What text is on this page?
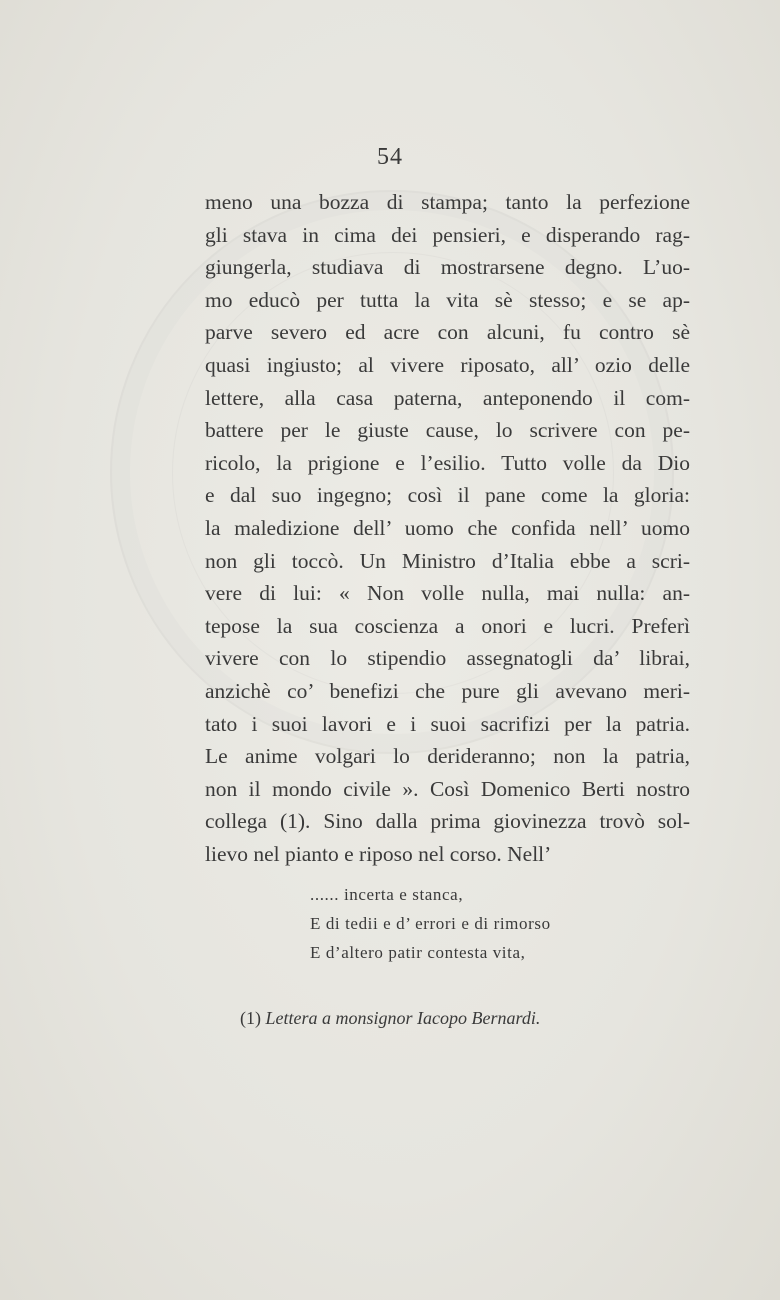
54
meno una bozza di stampa; tanto la perfezione
gli stava in cima dei pensieri, e disperando rag-
giungerla, studiava di mostrarsene degno. L’uo-
mo educò per tutta la vita sè stesso; e se ap-
parve severo ed acre con alcuni, fu contro sè
quasi ingiusto; al vivere riposato, all’ ozio delle
lettere, alla casa paterna, anteponendo il com-
battere per le giuste cause, lo scrivere con pe-
ricolo, la prigione e l’esilio. Tutto volle da Dio
e dal suo ingegno; così il pane come la gloria:
la maledizione dell’ uomo che confida nell’ uomo
non gli toccò. Un Ministro d’Italia ebbe a scri-
vere di lui: « Non volle nulla, mai nulla: an-
tepose la sua coscienza a onori e lucri. Preferì
vivere con lo stipendio assegnatogli da’ librai,
anzichè co’ benefizi che pure gli avevano meri-
tato i suoi lavori e i suoi sacrifizi per la patria.
Le anime volgari lo derideranno; non la patria,
non il mondo civile ». Così Domenico Berti nostro
collega (1). Sino dalla prima giovinezza trovò sol-
lievo nel pianto e riposo nel corso. Nell’
...... incerta e stanca,
E di tedii e d’ errori e di rimorso
E d’altero patir contesta vita,
(1) Lettera a monsignor Iacopo Bernardi.
